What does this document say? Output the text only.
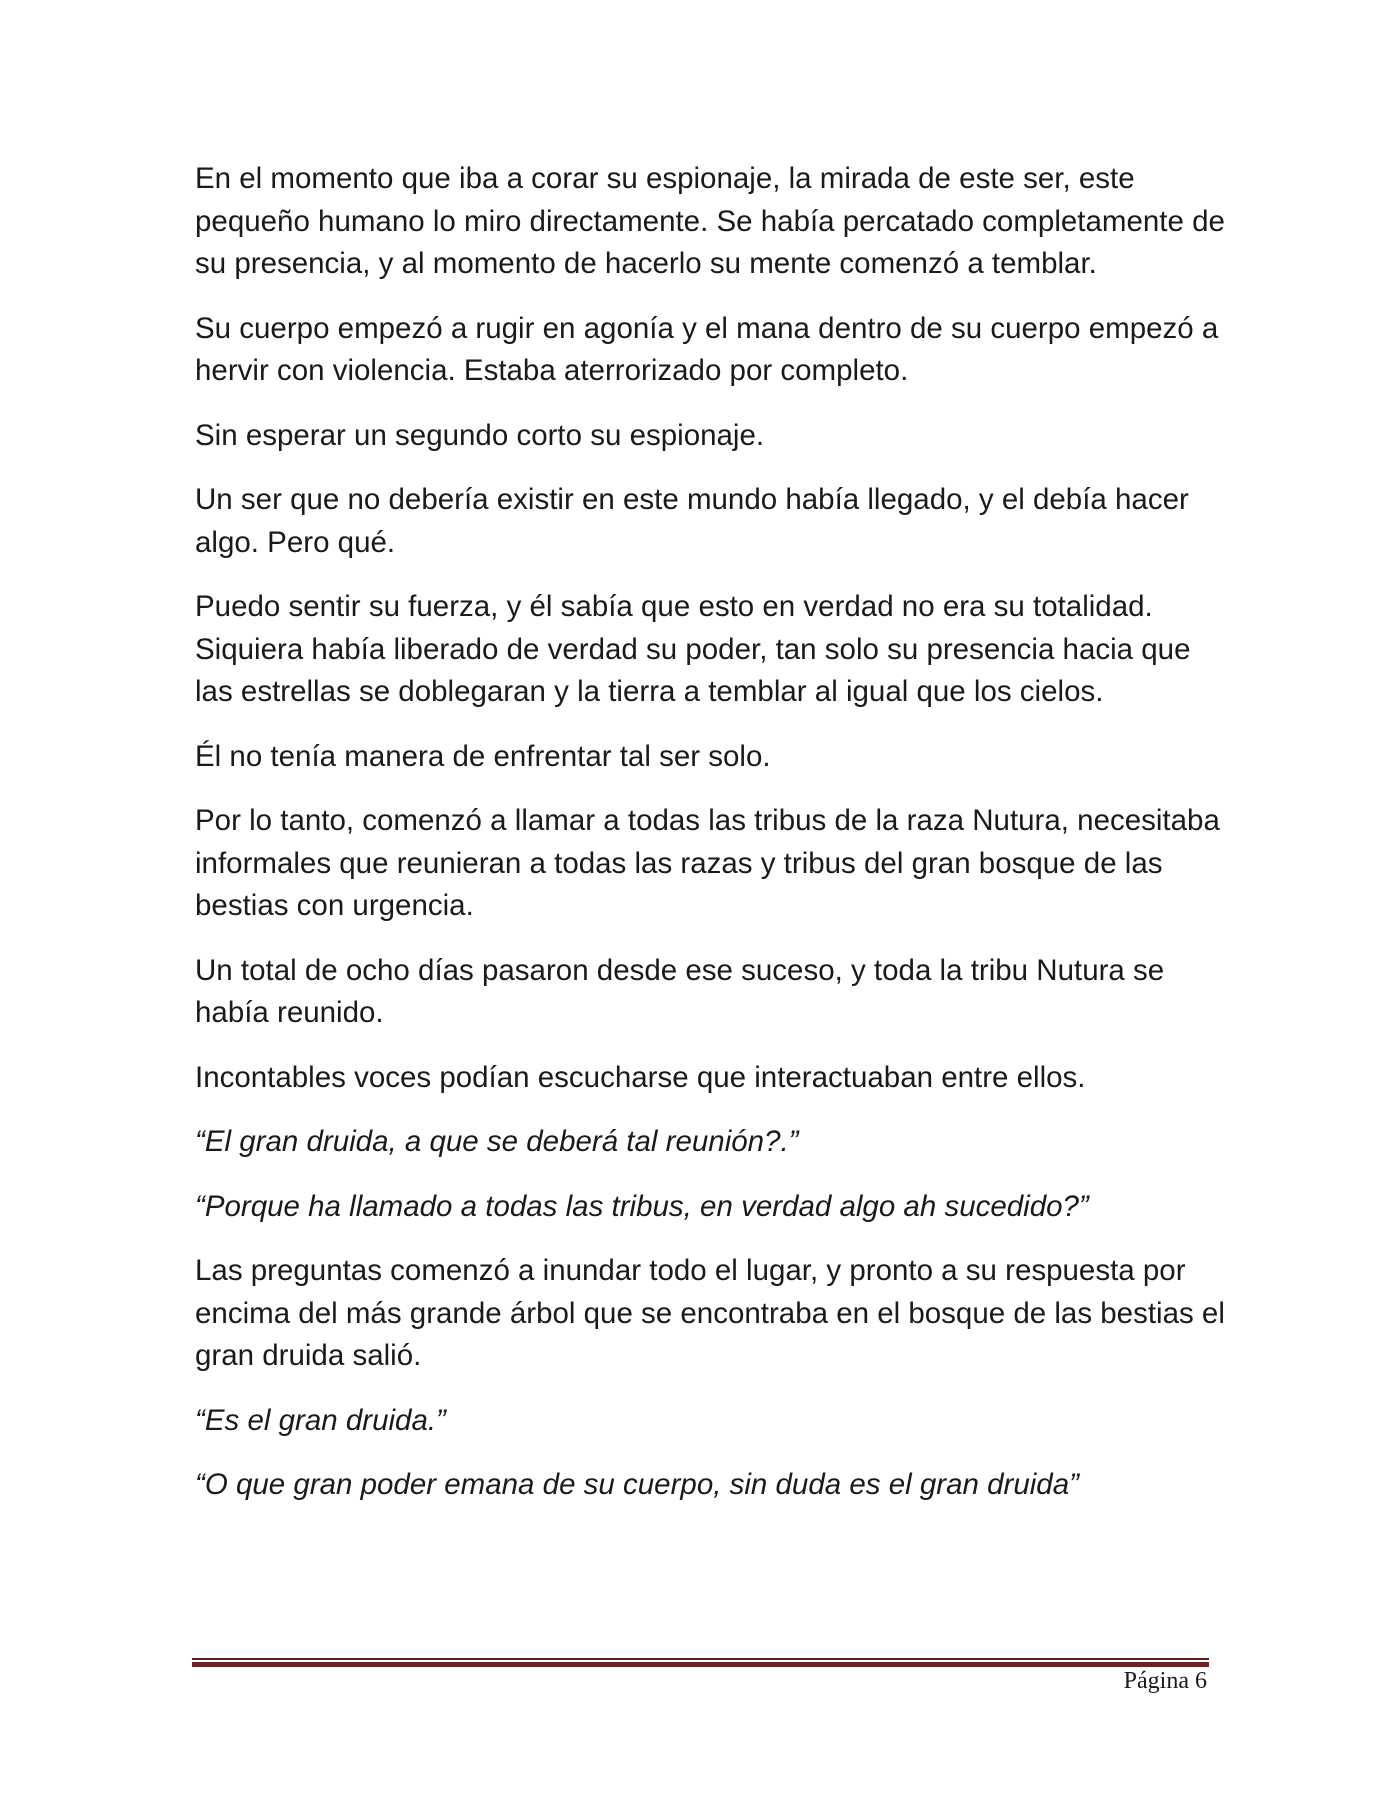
En el momento que iba a corar su espionaje, la mirada de este ser, este pequeño humano lo miro directamente. Se había percatado completamente de su presencia, y al momento de hacerlo su mente comenzó a temblar.

Su cuerpo empezó a rugir en agonía y el mana dentro de su cuerpo empezó a hervir con violencia. Estaba aterrorizado por completo.

Sin esperar un segundo corto su espionaje.

Un ser que no debería existir en este mundo había llegado, y el debía hacer algo. Pero qué.

Puedo sentir su fuerza, y él sabía que esto en verdad no era su totalidad. Siquiera había liberado de verdad su poder, tan solo su presencia hacia que las estrellas se doblegaran y la tierra a temblar al igual que los cielos.

Él no tenía manera de enfrentar tal ser solo.

Por lo tanto, comenzó a llamar a todas las tribus de la raza Nutura, necesitaba informales que reunieran a todas las razas y tribus del gran bosque de las bestias con urgencia.

Un total de ocho días pasaron desde ese suceso, y toda la tribu Nutura se había reunido.

Incontables voces podían escucharse que interactuaban entre ellos.

“El gran druida, a que se deberá tal reunión?.”

“Porque ha llamado a todas las tribus, en verdad algo ah sucedido?”

Las preguntas comenzó a inundar todo el lugar, y pronto a su respuesta por encima del más grande árbol que se encontraba en el bosque de las bestias el gran druida salió.

“Es el gran druida.”

“O que gran poder emana de su cuerpo, sin duda es el gran druida”

Página 6
